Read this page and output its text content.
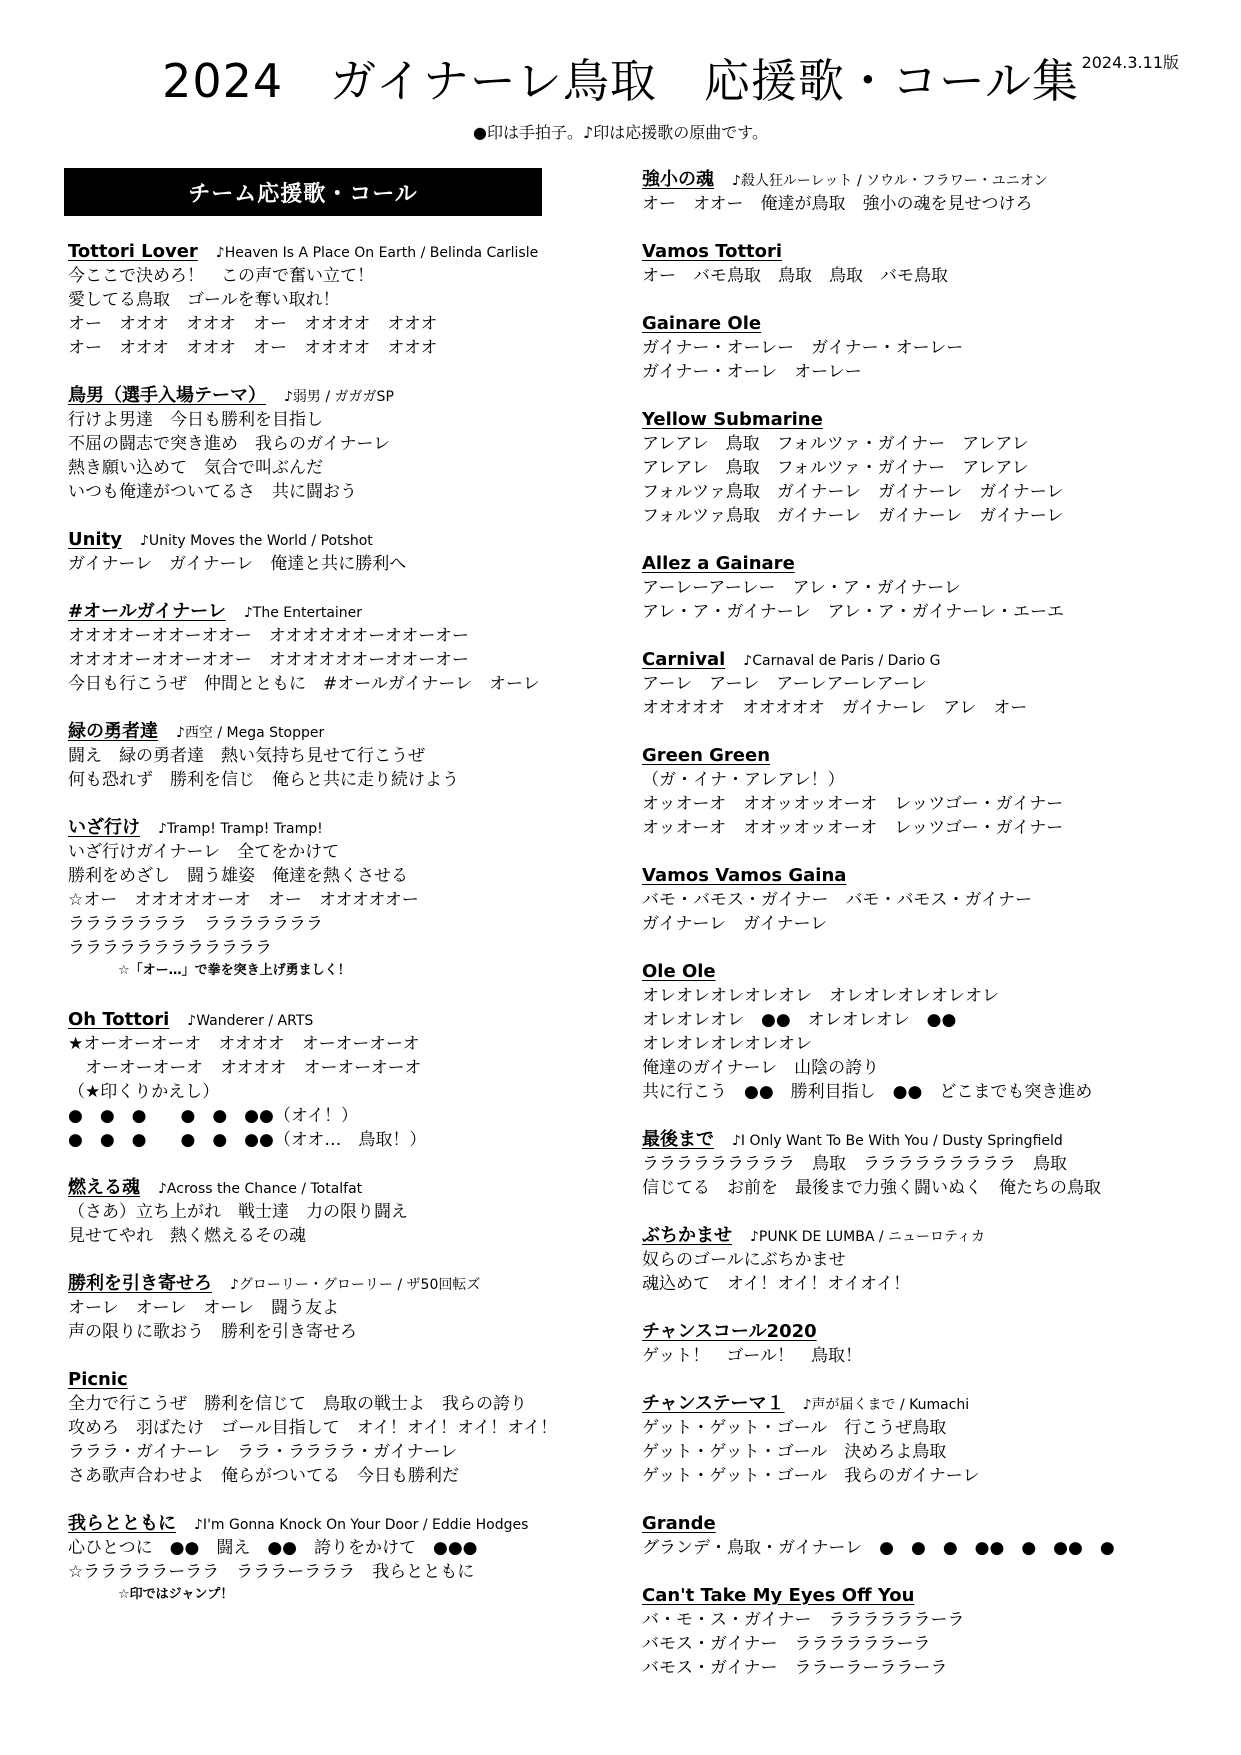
2024　ガイナーレ鳥取　応援歌・コール集 2024.3.11版
●印は手拍子。♪印は応援歌の原曲です。
チーム応援歌・コール
Tottori Lover ♪Heaven Is A Place On Earth / Belinda Carlisle
今ここで決めろ！　この声で奮い立て！
愛してる鳥取　ゴールを奪い取れ！
オー　オオオ　オオオ　オー　オオオオ　オオオ
オー　オオオ　オオオ　オー　オオオオ　オオオ
鳥男（選手入場テーマ） ♪弱男 / ガガガSP
行けよ男達　今日も勝利を目指し
不屈の闘志で突き進め　我らのガイナーレ
熱き願い込めて　気合で叫ぶんだ
いつも俺達がついてるさ　共に闘おう
Unity ♪Unity Moves the World / Potshot
ガイナーレ　ガイナーレ　俺達と共に勝利へ
#オールガイナーレ ♪The Entertainer
オオオオーオオーオオー　オオオオオオーオオーオー
オオオオーオオーオオー　オオオオオオーオオーオー
今日も行こうぜ　仲間とともに　#オールガイナーレ　オーレ
緑の勇者達 ♪西空 / Mega Stopper
闘え　緑の勇者達　熱い気持ち見せて行こうぜ
何も恐れず　勝利を信じ　俺らと共に走り続けよう
いざ行け ♪Tramp! Tramp! Tramp!
いざ行けガイナーレ　全てをかけて
勝利をめざし　闘う雄姿　俺達を熱くさせる
☆オー　オオオオオーオ　オー　オオオオオー
ラララララララ　ラララララララ
ララララララララララララ
☆「オー…」で拳を突き上げ勇ましく！
Oh Tottori ♪Wanderer / ARTS
★オーオーオーオ　オオオオ　オーオーオーオ
　オーオーオーオ　オオオオ　オーオーオーオ
（★印くりかえし）
●　●　●　　●　●　●●（オイ！）
●　●　●　　●　●　●●（オオ…　鳥取！）
燃える魂 ♪Across the Chance / Totalfat
（さあ）立ち上がれ　戦士達　力の限り闘え
見せてやれ　熱く燃えるその魂
勝利を引き寄せろ ♪グローリー・グローリー / ザ50回転ズ
オーレ　オーレ　オーレ　闘う友よ
声の限りに歌おう　勝利を引き寄せろ
Picnic
全力で行こうぜ　勝利を信じて　鳥取の戦士よ　我らの誇り
攻めろ　羽ばたけ　ゴール目指して　オイ！オイ！オイ！オイ！
ラララ・ガイナーレ　ララ・ララララ・ガイナーレ
さあ歌声合わせよ　俺らがついてる　今日も勝利だ
我らとともに ♪I'm Gonna Knock On Your Door / Eddie Hodges
心ひとつに　●●　闘え　●●　誇りをかけて　●●●
☆ラララララーララ　ラララーラララ　我らとともに
☆印ではジャンプ！
強小の魂 ♪殺人狂ルーレット / ソウル・フラワー・ユニオン
オー　オオー　俺達が鳥取　強小の魂を見せつけろ
Vamos Tottori
オー　バモ鳥取　鳥取　鳥取　バモ鳥取
Gainare Ole
ガイナー・オーレー　ガイナー・オーレー
ガイナー・オーレ　オーレー
Yellow Submarine
アレアレ　鳥取　フォルツァ・ガイナー　アレアレ
アレアレ　鳥取　フォルツァ・ガイナー　アレアレ
フォルツァ鳥取　ガイナーレ　ガイナーレ　ガイナーレ
フォルツァ鳥取　ガイナーレ　ガイナーレ　ガイナーレ
Allez a Gainare
アーレーアーレー　アレ・ア・ガイナーレ
アレ・ア・ガイナーレ　アレ・ア・ガイナーレ・エーエ
Carnival ♪Carnaval de Paris / Dario G
アーレ　アーレ　アーレアーレアーレ
オオオオオ　オオオオオ　ガイナーレ　アレ　オー
Green Green
（ガ・イナ・アレアレ！）
オッオーオ　オオッオッオーオ　レッツゴー・ガイナー
オッオーオ　オオッオッオーオ　レッツゴー・ガイナー
Vamos Vamos Gaina
バモ・バモス・ガイナー　バモ・バモス・ガイナー
ガイナーレ　ガイナーレ
Ole Ole
オレオレオレオレオレ　オレオレオレオレオレ
オレオレオレ　●●　オレオレオレ　●●
オレオレオレオレオレ
俺達のガイナーレ　山陰の誇り
共に行こう　●●　勝利目指し　●●　どこまでも突き進め
最後まで ♪I Only Want To Be With You / Dusty Springfield
ラララララララララ　鳥取　ラララララララララ　鳥取
信じてる　お前を　最後まで力強く闘いぬく　俺たちの鳥取
ぶちかませ ♪PUNK DE LUMBA / ニューロティカ
奴らのゴールにぶちかませ
魂込めて　オイ！オイ！オイオイ！
チャンスコール2020
ゲット！　ゴール！　鳥取！
チャンステーマ１ ♪声が届くまで / Kumachi
ゲット・ゲット・ゴール　行こうぜ鳥取
ゲット・ゲット・ゴール　決めろよ鳥取
ゲット・ゲット・ゴール　我らのガイナーレ
Grande
グランデ・鳥取・ガイナーレ　●　●　●　●●　●　●●　●
Can't Take My Eyes Off You
バ・モ・ス・ガイナー　ララララララーラ
バモス・ガイナー　ララララララーラ
バモス・ガイナー　ララーラーララーラ
